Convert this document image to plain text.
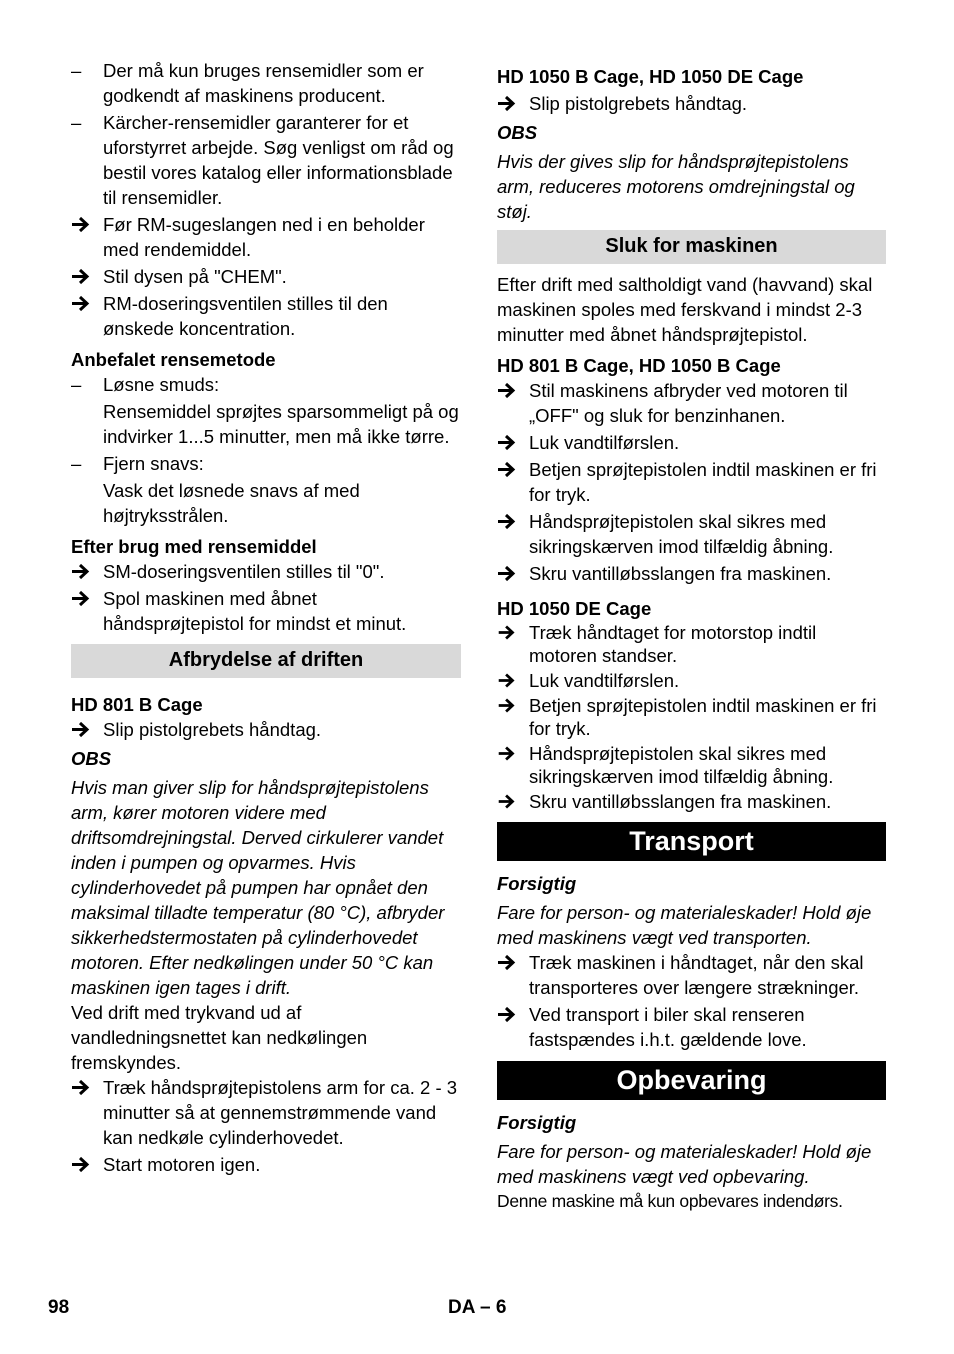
–	Der må kun bruges rensemidler som er godkendt af maskinens producent.
–	Kärcher-rensemidler garanterer for et uforstyrret arbejde. Søg venligst om råd og bestil vores katalog eller informationsblade til rensemidler.
Før RM-sugeslangen ned i en beholder med rendemiddel.
Stil dysen på "CHEM".
RM-doseringsventilen stilles til den ønskede koncentration.
Anbefalet rensemetode
–	Løsne smuds:
Rensemiddel sprøjtes sparsommeligt på og indvirker 1...5 minutter, men må ikke tørre.
–	Fjern snavs:
Vask det løsnede snavs af med højtryksstrålen.
Efter brug med rensemiddel
SM-doseringsventilen stilles til "0".
Spol maskinen med åbnet håndsprøjtepistol for mindst et minut.
Afbrydelse af driften
HD 801 B Cage
Slip pistolgrebets håndtag.
OBS
Hvis man giver slip for håndsprøjtepistolens arm, kører motoren videre med driftsomdrejningstal. Derved cirkulerer vandet inden i pumpen og opvarmes. Hvis cylinderhovedet på pumpen har opnået den maksimal tilladte temperatur (80 °C), afbryder sikkerhedstermostaten på cylinderhovedet motoren. Efter nedkølingen under 50 °C kan maskinen igen tages i drift.
Ved drift med trykvand ud af vandledningsnettet kan nedkølingen fremskyndes.
Træk håndsprøjtepistolens arm for ca. 2 - 3 minutter så at gennemstrømmende vand kan nedkøle cylinderhovedet.
Start motoren igen.
HD 1050 B Cage, HD 1050 DE Cage
Slip pistolgrebets håndtag.
OBS
Hvis der gives slip for håndsprøjtepistolens arm, reduceres motorens omdrejningstal og støj.
Sluk for maskinen
Efter drift med saltholdigt vand (havvand) skal maskinen spoles med ferskvand i mindst 2-3 minutter med åbnet håndsprøjtepistol.
HD 801 B Cage, HD 1050 B Cage
Stil maskinens afbryder ved motoren til „OFF" og sluk for benzinhanen.
Luk vandtilførslen.
Betjen sprøjtepistolen indtil maskinen er fri for tryk.
Håndsprøjtepistolen skal sikres med sikringskærven imod tilfældig åbning.
Skru vantilløbsslangen fra maskinen.
HD 1050 DE Cage
Træk håndtaget for motorstop indtil motoren standser.
Luk vandtilførslen.
Betjen sprøjtepistolen indtil maskinen er fri for tryk.
Håndsprøjtepistolen skal sikres med sikringskærven imod tilfældig åbning.
Skru vantilløbsslangen fra maskinen.
Transport
Forsigtig
Fare for person- og materialeskader! Hold øje med maskinens vægt ved transporten.
Træk maskinen i håndtaget, når den skal transporteres over længere strækninger.
Ved transport i biler skal renseren fastspændes i.h.t. gældende love.
Opbevaring
Forsigtig
Fare for person- og materialeskader! Hold øje med maskinens vægt ved opbevaring.
Denne maskine må kun opbevares indendørs.
98	DA – 6
